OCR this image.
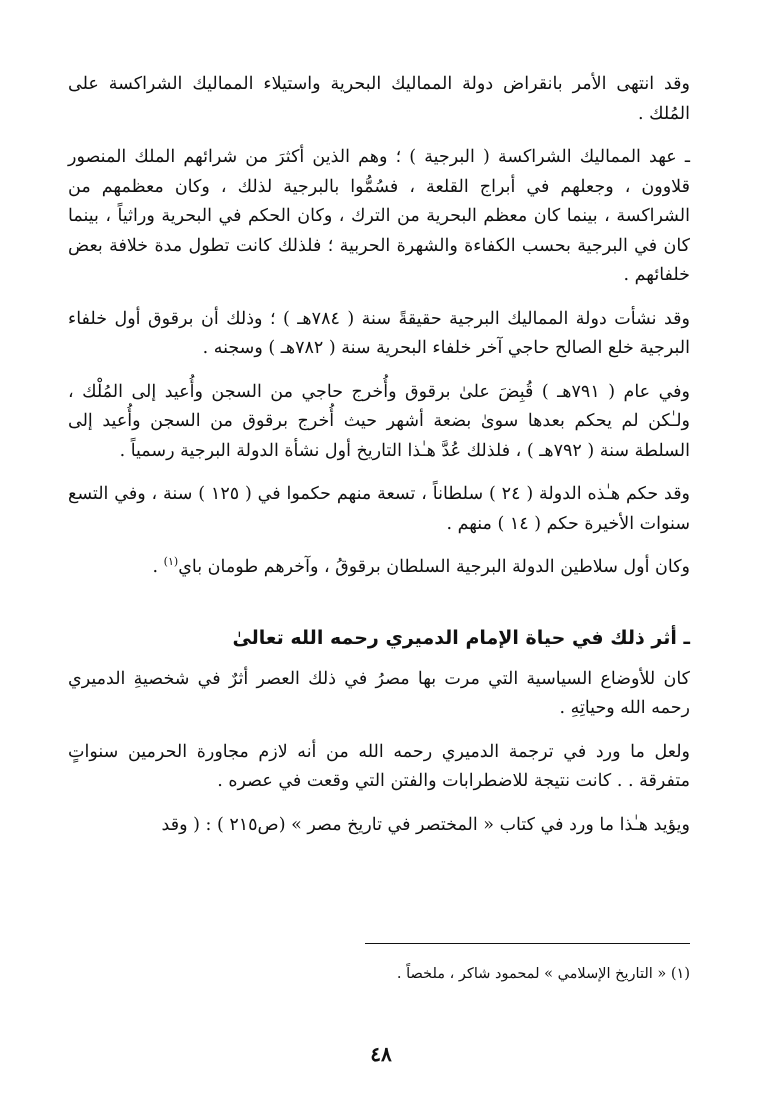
وقد انتهى الأمر بانقراض دولة المماليك البحرية واستيلاء المماليك الشراكسة على المُلك .

ـ عهد المماليك الشراكسة ( البرجية ) ؛ وهم الذين أكثرَ من شرائهم الملك المنصور قلاوون ، وجعلهم في أبراج القلعة ، فسُمُّوا بالبرجية لذلك ، وكان معظمهم من الشراكسة ، بينما كان معظم البحرية من الترك ، وكان الحكم في البحرية وراثياً ، بينما كان في البرجية بحسب الكفاءة والشهرة الحربية ؛ فلذلك كانت تطول مدة خلافة بعض خلفائهم .

وقد نشأت دولة المماليك البرجية حقيقةً سنة ( ٧٨٤هـ ) ؛ وذلك أن برقوق أول خلفاء البرجية خلع الصالح حاجي آخر خلفاء البحرية سنة ( ٧٨٢هـ ) وسجنه .

وفي عام ( ٧٩١هـ ) قُبِضَ علىٰ برقوق وأُخرج حاجي من السجن وأُعيد إلى المُلْك ، ولـٰكن لم يحكم بعدها سوىٰ بضعة أشهر حيث أُخرج برقوق من السجن وأُعيد إلى السلطة سنة ( ٧٩٢هـ ) ، فلذلك عُدَّ هـٰذا التاريخ أول نشأة الدولة البرجية رسمياً .

وقد حكم هـٰذه الدولة ( ٢٤ ) سلطاناً ، تسعة منهم حكموا في ( ١٢٥ ) سنة ، وفي التسع سنوات الأخيرة حكم ( ١٤ ) منهم .

وكان أول سلاطين الدولة البرجية السلطان برقوقُ ، وآخرهم طومان باي$^{(١)}$ .

ـ أثر ذلك في حياة الإمام الدميري رحمه الله تعالىٰ

كان للأوضاع السياسية التي مرت بها مصرُ في ذلك العصر أثرٌ في شخصيةِ الدميري رحمه الله وحياتِهِ .

ولعل ما ورد في ترجمة الدميري رحمه الله من أنه لازم مجاورة الحرمين سنواتٍ متفرقة . . كانت نتيجة للاضطرابات والفتن التي وقعت في عصره .

ويؤيد هـٰذا ما ورد في كتاب « المختصر في تاريخ مصر » (ص٢١٥ ) : ( وقد

(١) « التاريخ الإسلامي » لمحمود شاكر ، ملخصاً .
٤٨
